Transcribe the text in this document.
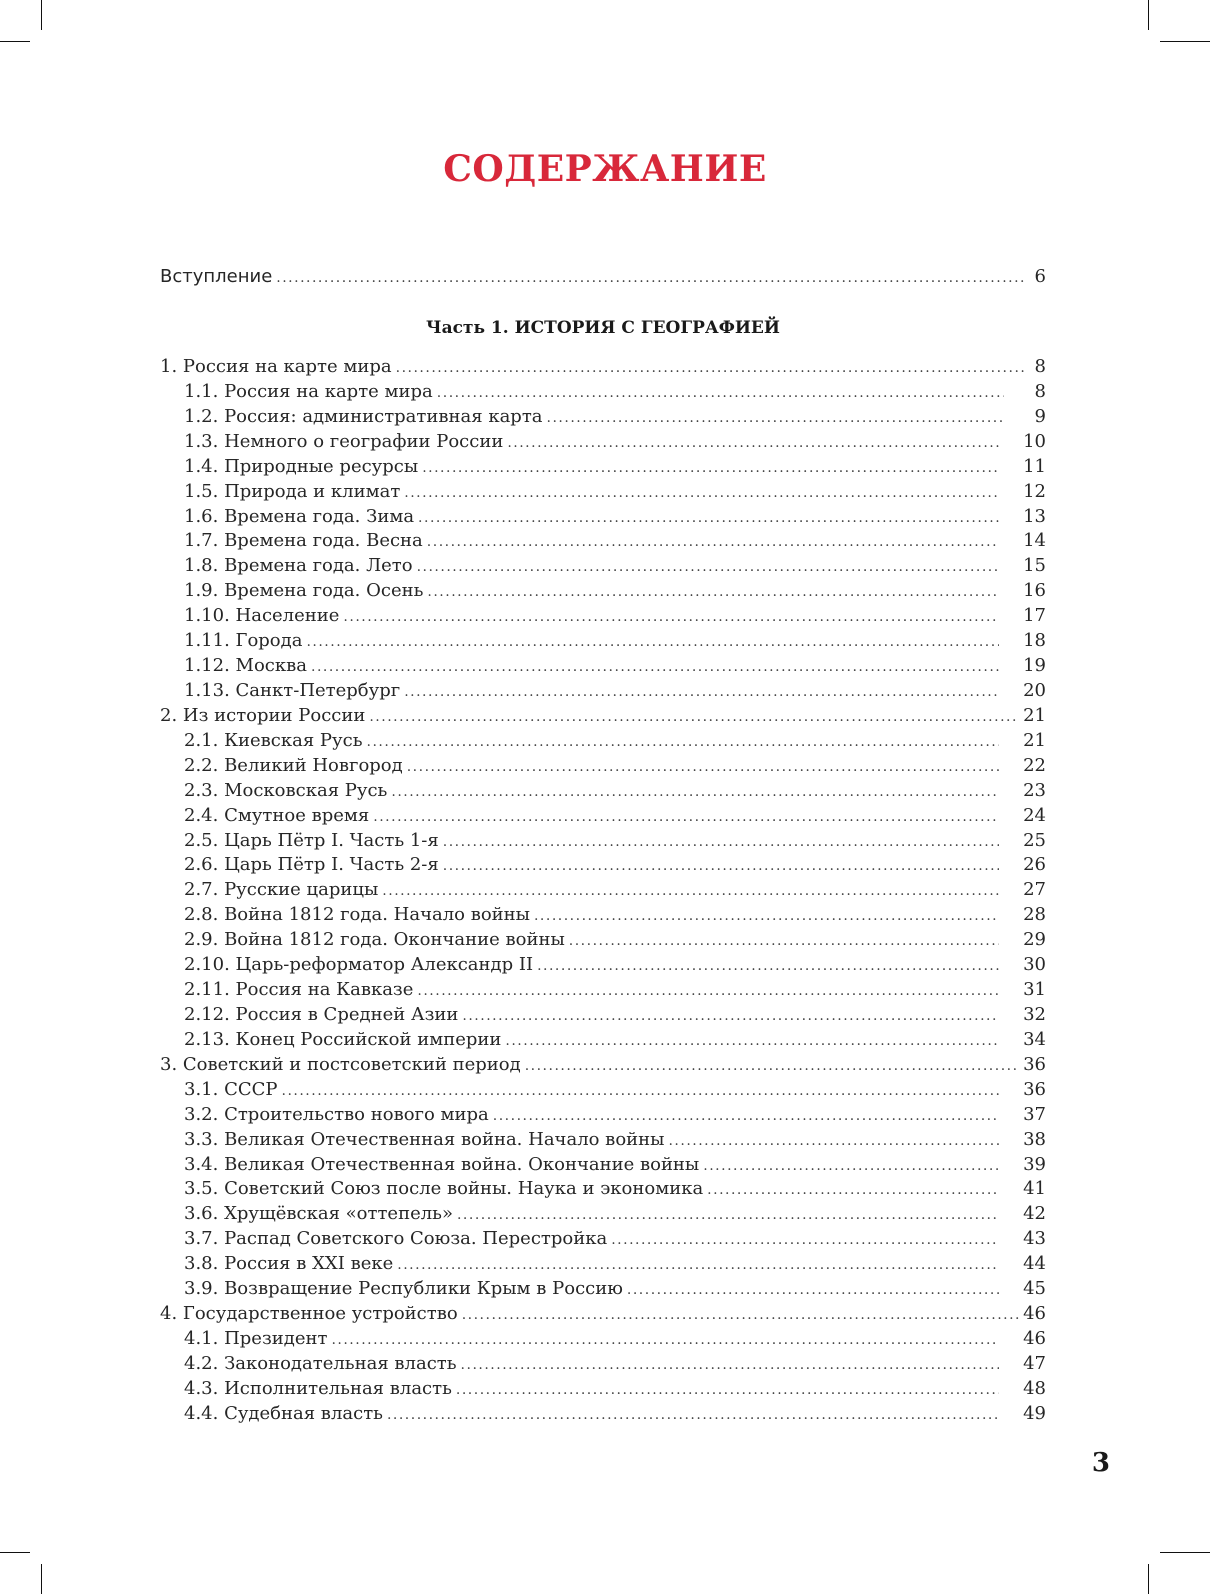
СОДЕРЖАНИЕ
Вступление .....	6
Часть 1. ИСТОРИЯ С ГЕОГРАФИЕЙ
1. Россия на карте мира .....	8
1.1. Россия на карте мира .....	8
1.2. Россия: административная карта .....	9
1.3. Немного о географии России .....	10
1.4. Природные ресурсы .....	11
1.5. Природа и климат .....	12
1.6. Времена года. Зима .....	13
1.7. Времена года. Весна .....	14
1.8. Времена года. Лето .....	15
1.9. Времена года. Осень .....	16
1.10. Население .....	17
1.11. Города .....	18
1.12. Москва .....	19
1.13. Санкт-Петербург .....	20
2. Из истории России .....	21
2.1. Киевская Русь .....	21
2.2. Великий Новгород .....	22
2.3. Московская Русь .....	23
2.4. Смутное время .....	24
2.5. Царь Пётр I. Часть 1-я .....	25
2.6. Царь Пётр I. Часть 2-я .....	26
2.7. Русские царицы .....	27
2.8. Война 1812 года. Начало войны .....	28
2.9. Война 1812 года. Окончание войны .....	29
2.10. Царь-реформатор Александр II .....	30
2.11. Россия на Кавказе .....	31
2.12. Россия в Средней Азии .....	32
2.13. Конец Российской империи .....	34
3. Советский и постсоветский период .....	36
3.1. СССР .....	36
3.2. Строительство нового мира .....	37
3.3. Великая Отечественная война. Начало войны .....	38
3.4. Великая Отечественная война. Окончание войны .....	39
3.5. Советский Союз после войны. Наука и экономика .....	41
3.6. Хрущёвская «оттепель» .....	42
3.7. Распад Советского Союза. Перестройка .....	43
3.8. Россия в XXI веке .....	44
3.9. Возвращение Республики Крым в Россию .....	45
4. Государственное устройство .....	46
4.1. Президент .....	46
4.2. Законодательная власть .....	47
4.3. Исполнительная власть .....	48
4.4. Судебная власть .....	49
3
